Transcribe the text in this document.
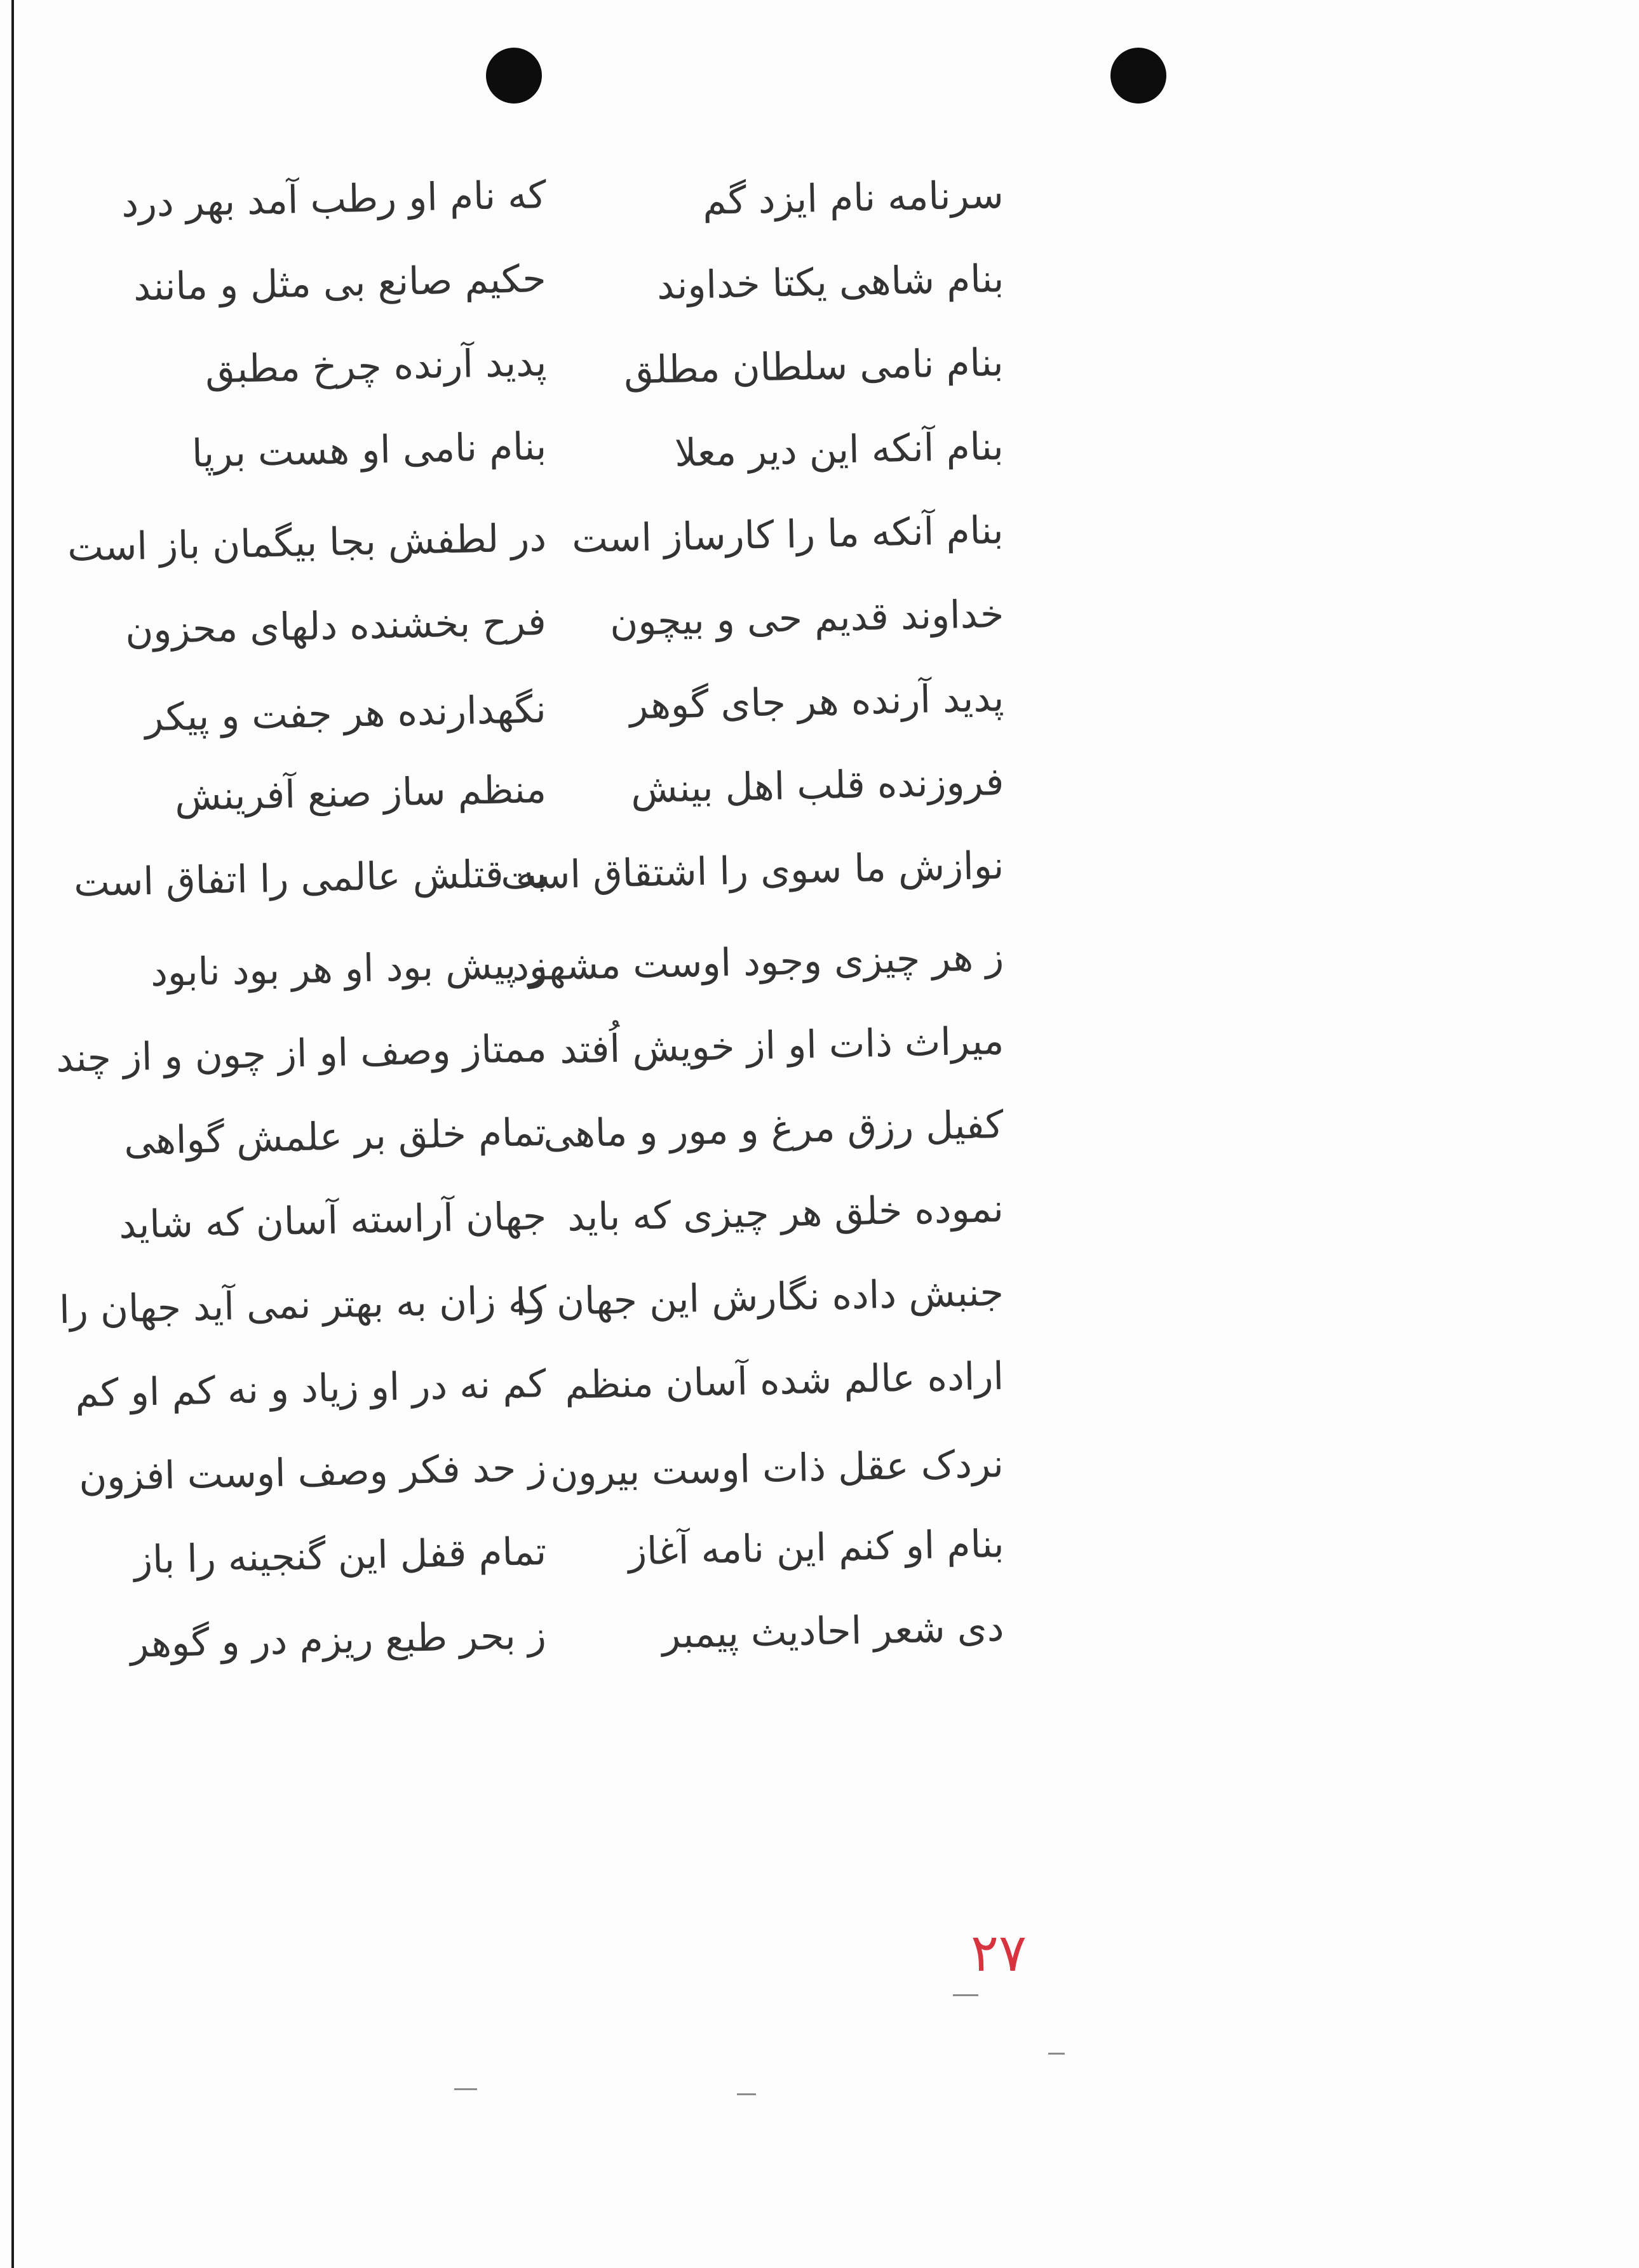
سرنامه نام ایزد گم
بنام شاهی یکتا خداوند
بنام نامی سلطان مطلق
بنام آنکه این دیر معلا
بنام آنکه ما را کارساز است
خداوند قدیم حی و بیچون
پدید آرنده هر جای گوهر
فروزنده قلب اهل بینش
نوازش ما سوی را اشتقاق است
ز هر چیزی وجود اوست مشهود
میراث ذات او از خویش اُفتد
کفیل رزق مرغ و مور و ماهی
نموده خلق هر چیزی که باید
جنبش داده نگارش این جهان را
اراده عالم شده آسان منظم
نردک عقل ذات اوست بیرون
بنام او کنم این نامه آغاز
دی شعر احادیث پیمبر
که نام او رطب آمد بهر درد
حکیم صانع بی مثل و مانند
پدید آرنده چرخ مطبق
بنام نامی او هست برپا
در لطفش بجا بیگمان باز است
فرح بخشنده دلهای محزون
نگهدارنده هر جفت و پیکر
منظم ساز صنع آفرینش
به قتلش عالمی را اتفاق است
ز پیش بود او هر بود نابود
ممتاز وصف او از چون و از چند
تمام خلق بر علمش گواهی
جهان آراسته آسان که شاید
که زان به بهتر نمی آید جهان را
کم نه در او زیاد و نه کم او کم
ز حد فکر وصف اوست افزون
تمام قفل این گنجینه را باز
ز بحر طبع ریزم در و گوهر
۲۷
